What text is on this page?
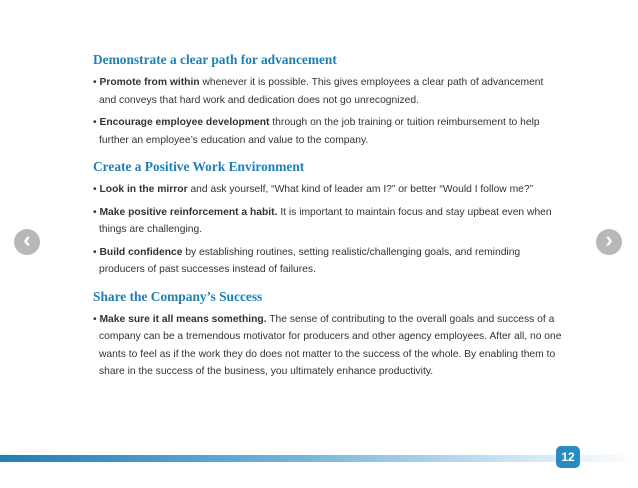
Demonstrate a clear path for advancement
• Promote from within whenever it is possible. This gives employees a clear path of advancement and conveys that hard work and dedication does not go unrecognized.
• Encourage employee development through on the job training or tuition reimbursement to help further an employee’s education and value to the company.
Create a Positive Work Environment
• Look in the mirror and ask yourself, “What kind of leader am I?” or better “Would I follow me?”
• Make positive reinforcement a habit. It is important to maintain focus and stay upbeat even when things are challenging.
• Build confidence by establishing routines, setting realistic/challenging goals, and reminding producers of past successes instead of failures.
Share the Company’s Success
• Make sure it all means something. The sense of contributing to the overall goals and success of a company can be a tremendous motivator for producers and other agency employees. After all, no one wants to feel as if the work they do does not matter to the success of the whole. By enabling them to share in the success of the business, you ultimately enhance productivity.
‹	›
12
